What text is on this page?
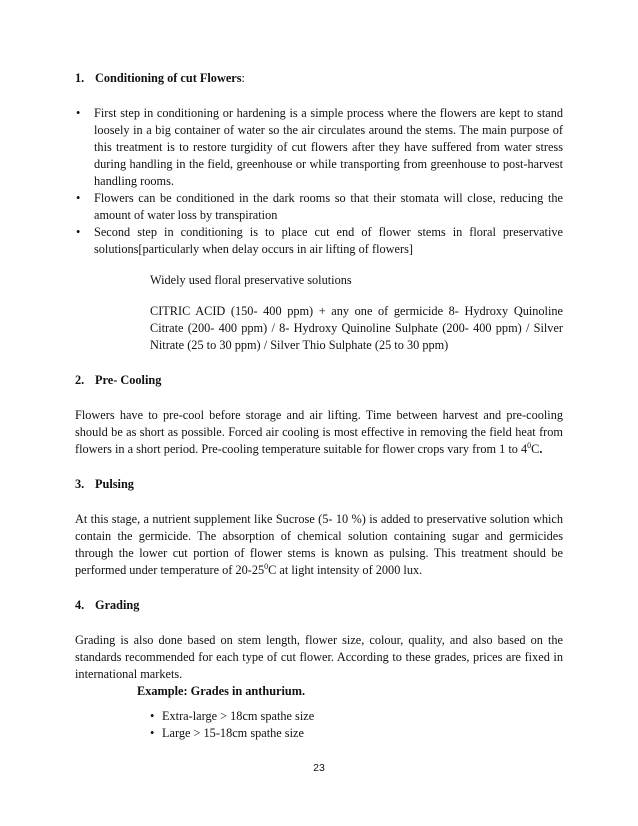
1. Conditioning of cut Flowers:

• First step in conditioning or hardening is a simple process where the flowers are kept to stand loosely in a big container of water so the air circulates around the stems. The main purpose of this treatment is to restore turgidity of cut flowers after they have suffered from water stress during handling in the field, greenhouse or while transporting from greenhouse to post-harvest handling rooms.
• Flowers can be conditioned in the dark rooms so that their stomata will close, reducing the amount of water loss by transpiration
• Second step in conditioning is to place cut end of flower stems in floral preservative solutions[particularly when delay occurs in air lifting of flowers]

Widely used floral preservative solutions

CITRIC ACID (150- 400 ppm) + any one of germicide 8- Hydroxy Quinoline Citrate (200- 400 ppm) / 8- Hydroxy Quinoline Sulphate (200- 400 ppm) / Silver Nitrate (25 to 30 ppm) / Silver Thio Sulphate (25 to 30 ppm)

2. Pre- Cooling

Flowers have to pre-cool before storage and air lifting. Time between harvest and pre-cooling should be as short as possible. Forced air cooling is most effective in removing the field heat from flowers in a short period. Pre-cooling temperature suitable for flower crops vary from 1 to $4^0C$.

3. Pulsing

At this stage, a nutrient supplement like Sucrose (5- 10 %) is added to preservative solution which contain the germicide. The absorption of chemical solution containing sugar and germicides through the lower cut portion of flower stems is known as pulsing. This treatment should be performed under temperature of $20-25^0C$ at light intensity of 2000 lux.

4. Grading

Grading is also done based on stem length, flower size, colour, quality, and also based on the standards recommended for each type of cut flower. According to these grades, prices are fixed in international markets.

Example: Grades in anthurium.

• Extra-large > 18cm spathe size
• Large > 15-18cm spathe size
23
